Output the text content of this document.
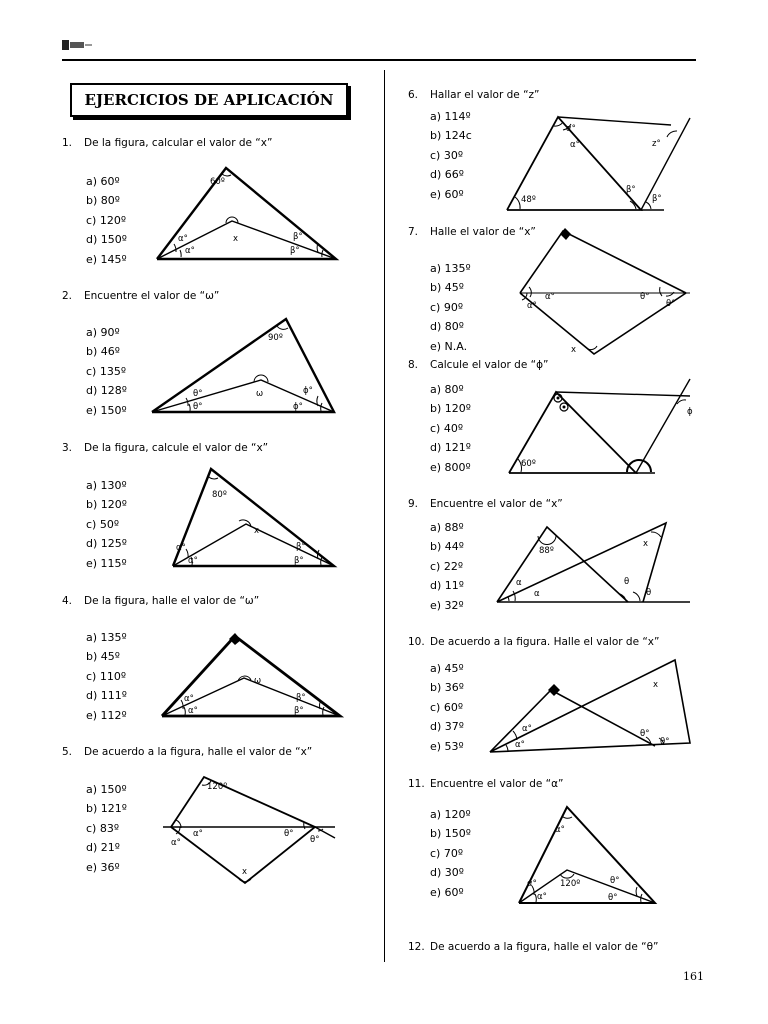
EJERCICIOS DE APLICACIÓN
1. De la figura, calcular el valor de “x”
a) 60º
b) 80º
c) 120º
d) 150º
e) 145º
2. Encuentre el valor de “ω”
a) 90º
b) 46º
c) 135º
d) 128º
e) 150º
3. De la figura, calcule el valor de “x”
a) 130º
b) 120º
c) 50º
d) 125º
e) 115º
4. De la figura, halle el valor de “ω”
a) 135º
b) 45º
c) 110º
d) 111º
e) 112º
5. De acuerdo a la figura, halle el valor de “x”
a) 150º
b) 121º
c) 83º
d) 21º
e) 36º
6. Hallar el valor de “z”
a) 114º
b) 124c
c) 30º
d) 66º
e) 60º
7. Halle el valor de “x”
a) 135º
b) 45º
c) 90º
d) 80º
e) N.A.
8. Calcule el valor de “ϕ”
a) 80º
b) 120º
c) 40º
d) 121º
e) 800º
9. Encuentre el valor de “x”
a) 88º
b) 44º
c) 22º
d) 11º
e) 32º
10. De acuerdo a la figura. Halle el valor de “x”
a) 45º
b) 36º
c) 60º
d) 37º
e) 53º
11. Encuentre el valor de “α”
a) 120º
b) 150º
c) 70º
d) 30º
e) 60º
12. De acuerdo a la figura, halle el valor de “θ”
161
60º
α°
α°
x	β°
β°
90º
θ°
θ°
ω	ϕ°
ϕ°
80º
α°
α°
x
β°
β°
α°
α°
ω
β°
β°
120º
α°
α°
θ°
θ°
x
α°
α°	z°
48º
β°
β°
α°
α°
θ°
θ°
x
60º
ϕ
88º
x
α
α
θ
θ
x
α°
α°
θ°
θ°
α°
120º
α°
α°
θ°
θ°
